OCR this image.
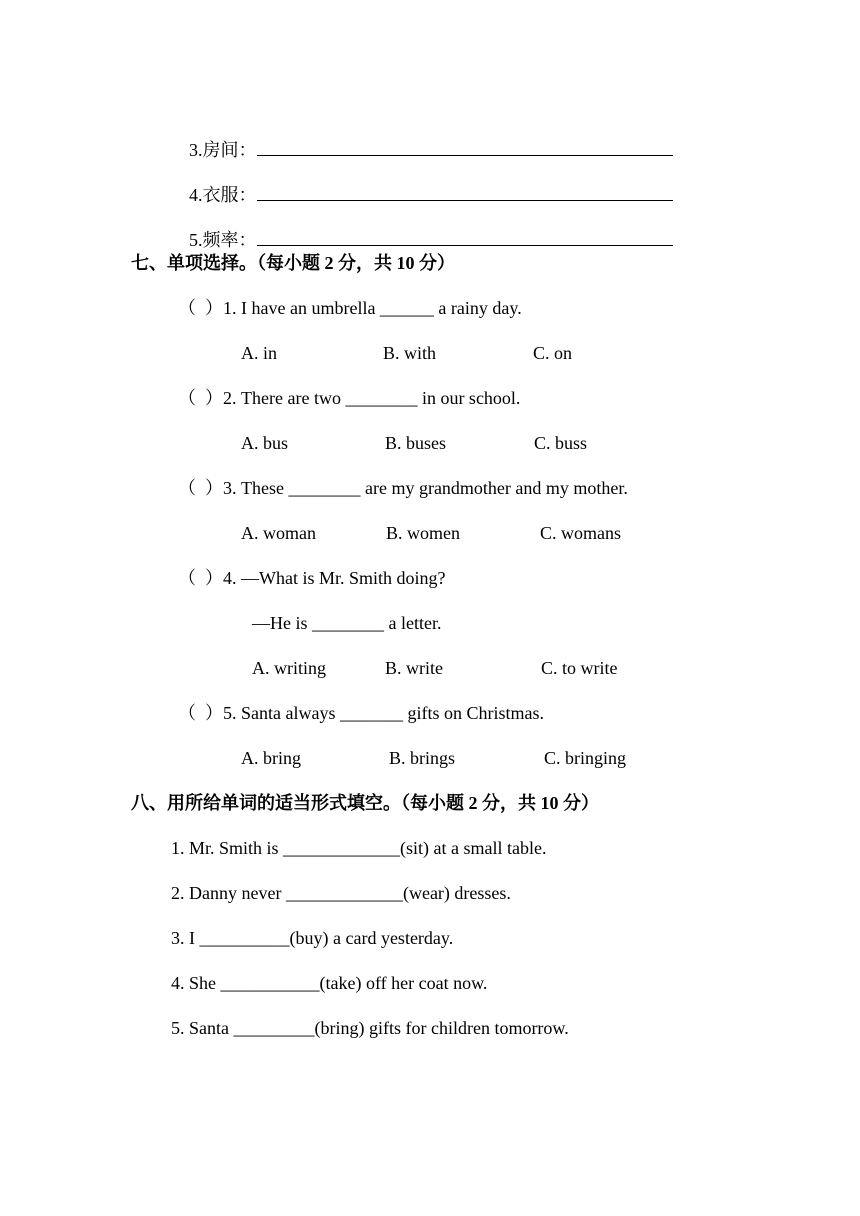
3.房间：

4.衣服：

5.频率：

七、单项选择。（每小题 2 分，共 10 分）
（  ）1. I have an umbrella ______ a rainy day.
A. in	B. with	C. on
（  ）2. There are two ________ in our school.
A. bus	B. buses	C. buss
（  ）3. These ________ are my grandmother and my mother.
A. woman	B. women	C. womans
（  ）4. —What is Mr. Smith doing?
—He is ________ a letter.
A. writing	B. write	C. to write
（  ）5. Santa always _______ gifts on Christmas.
A. bring	B. brings	C. bringing
八、用所给单词的适当形式填空。（每小题 2 分，共 10 分）
1. Mr. Smith is _____________(sit) at a small table.
2. Danny never _____________(wear) dresses.
3. I __________(buy) a card yesterday.
4. She ___________(take) off her coat now.
5. Santa _________(bring) gifts for children tomorrow.
